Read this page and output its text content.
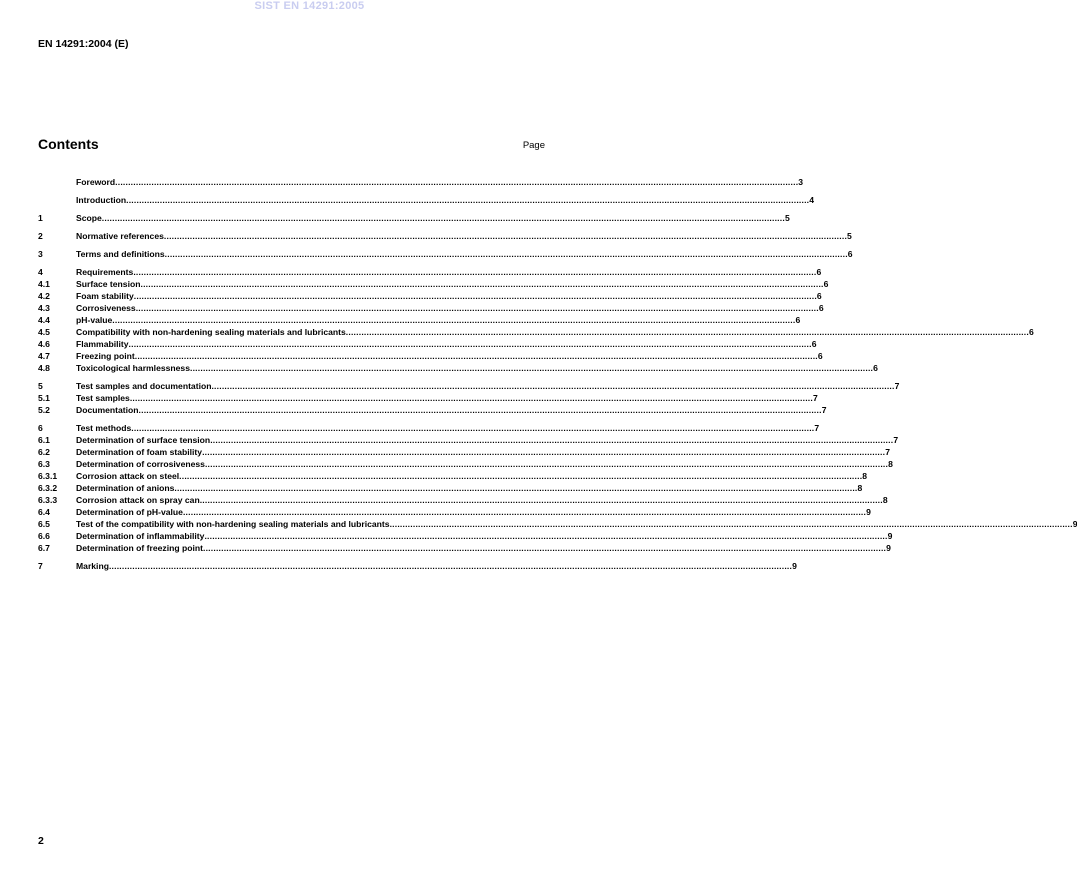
SIST EN 14291:2005
EN 14291:2004 (E)
Contents	Page
Foreword .....	3
Introduction .....	4
1	Scope .....	5
2	Normative references .....	5
3	Terms and definitions .....	6
4	Requirements .....	6
4.1	Surface tension .....	6
4.2	Foam stability .....	6
4.3	Corrosiveness .....	6
4.4	pH-value .....	6
4.5	Compatibility with non-hardening sealing materials and lubricants .....	6
4.6	Flammability .....	6
4.7	Freezing point .....	6
4.8	Toxicological harmlessness .....	6
5	Test samples and documentation .....	7
5.1	Test samples .....	7
5.2	Documentation .....	7
6	Test methods .....	7
6.1	Determination of surface tension .....	7
6.2	Determination of foam stability .....	7
6.3	Determination of corrosiveness .....	8
6.3.1	Corrosion attack on steel .....	8
6.3.2	Determination of anions .....	8
6.3.3	Corrosion attack on spray can .....	8
6.4	Determination of pH-value .....	9
6.5	Test of the compatibility with non-hardening sealing materials and lubricants .....	9
6.6	Determination of inflammability .....	9
6.7	Determination of freezing point .....	9
7	Marking .....	9
2
